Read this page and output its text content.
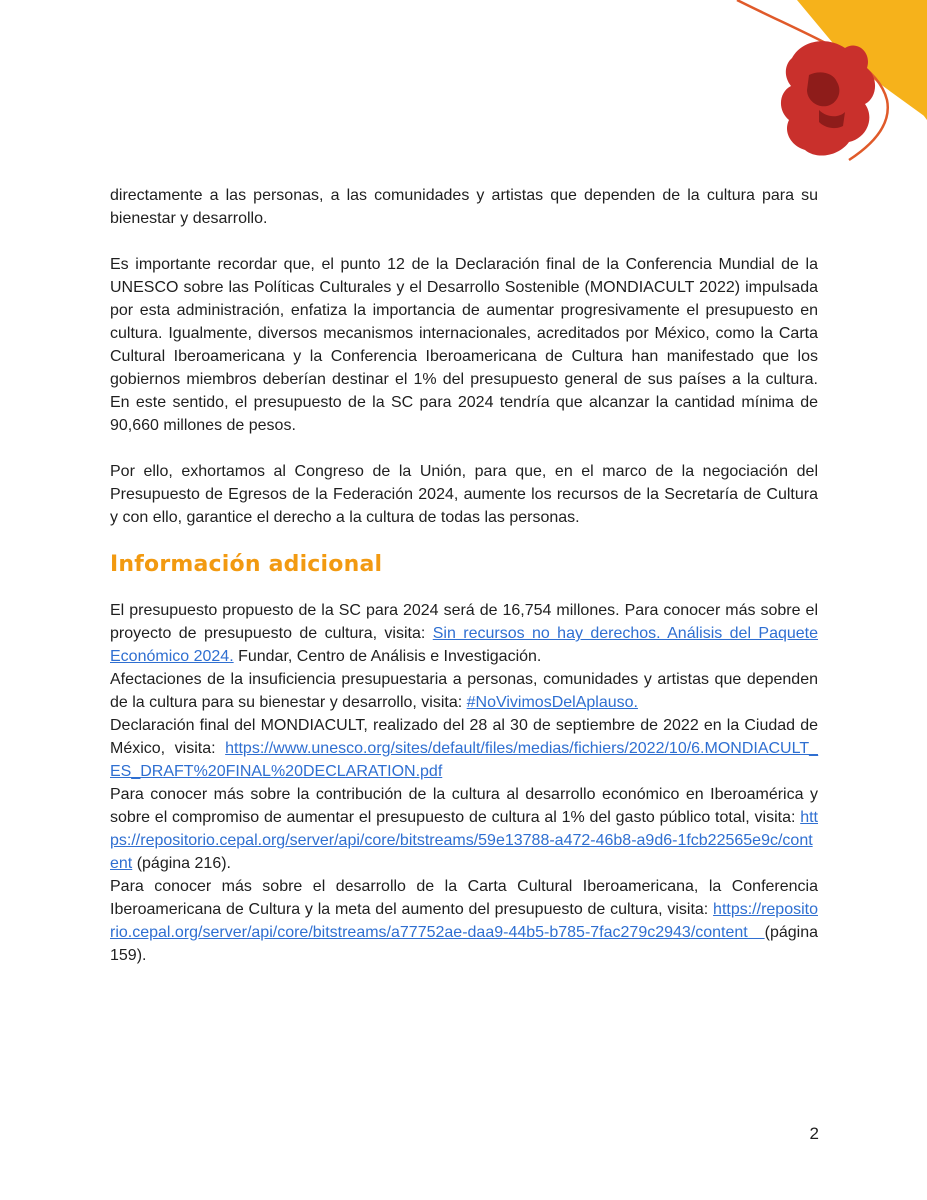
directamente a las personas, a las comunidades y artistas que dependen de la cultura para su bienestar y desarrollo.

Es importante recordar que, el punto 12 de la Declaración final de la Conferencia Mundial de la UNESCO sobre las Políticas Culturales y el Desarrollo Sostenible (MONDIACULT 2022) impulsada por esta administración, enfatiza la importancia de aumentar progresivamente el presupuesto en cultura. Igualmente, diversos mecanismos internacionales, acreditados por México, como la Carta Cultural Iberoamericana y la Conferencia Iberoamericana de Cultura han manifestado que los gobiernos miembros deberían destinar el 1% del presupuesto general de sus países a la cultura. En este sentido, el presupuesto de la SC para 2024 tendría que alcanzar la cantidad mínima de 90,660 millones de pesos.

Por ello, exhortamos al Congreso de la Unión, para que, en el marco de la negociación del Presupuesto de Egresos de la Federación 2024, aumente los recursos de la Secretaría de Cultura y con ello, garantice el derecho a la cultura de todas las personas.

Información adicional

El presupuesto propuesto de la SC para 2024 será de 16,754 millones. Para conocer más sobre el proyecto de presupuesto de cultura, visita: Sin recursos no hay derechos. Análisis del Paquete Económico 2024. Fundar, Centro de Análisis e Investigación.

Afectaciones de la insuficiencia presupuestaria a personas, comunidades y artistas que dependen de la cultura para su bienestar y desarrollo, visita: #NoVivimosDelAplauso.

Declaración final del MONDIACULT, realizado del 28 al 30 de septiembre de 2022 en la Ciudad de México, visita: https://www.unesco.org/sites/default/files/medias/fichiers/2022/10/6.MONDIACULT_ES_DRAFT%20FINAL%20DECLARATION.pdf

Para conocer más sobre la contribución de la cultura al desarrollo económico en Iberoamérica y sobre el compromiso de aumentar el presupuesto de cultura al 1% del gasto público total, visita: https://repositorio.cepal.org/server/api/core/bitstreams/59e13788-a472-46b8-a9d6-1fcb22565e9c/content (página 216).

Para conocer más sobre el desarrollo de la Carta Cultural Iberoamericana, la Conferencia Iberoamericana de Cultura y la meta del aumento del presupuesto de cultura, visita: https://repositorio.cepal.org/server/api/core/bitstreams/a77752ae-daa9-44b5-b785-7fac279c2943/content (página 159).

2
